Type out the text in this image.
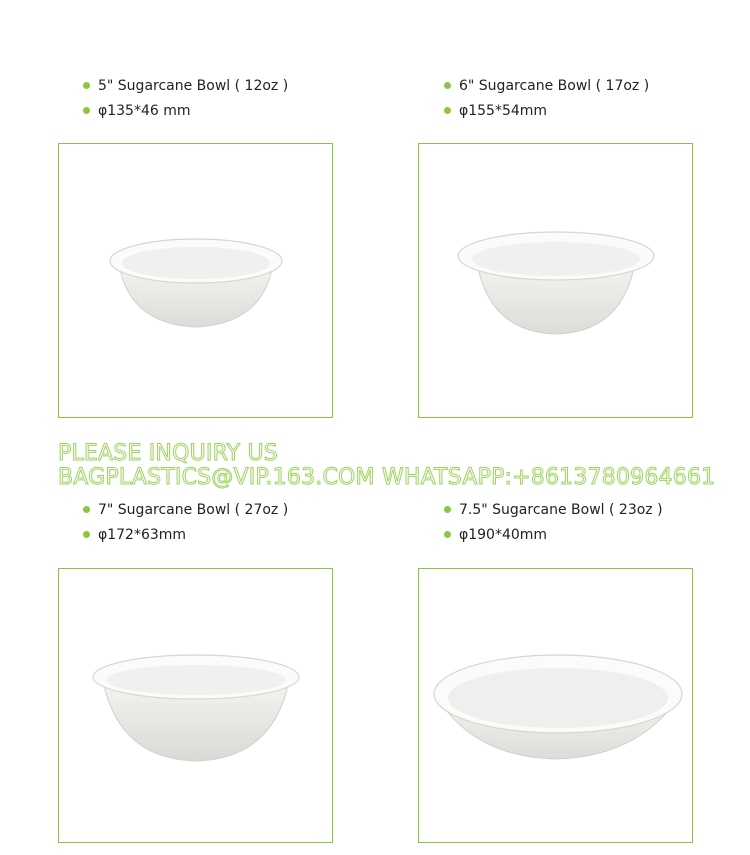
5" Sugarcane Bowl ( 12oz )
φ135*46 mm
6" Sugarcane Bowl ( 17oz )
φ155*54mm
PLEASE INQUIRY US
BAGPLASTICS@VIP.163.COM WHATSAPP:+8613780964661
7" Sugarcane Bowl ( 27oz )
φ172*63mm
7.5" Sugarcane Bowl ( 23oz )
φ190*40mm
